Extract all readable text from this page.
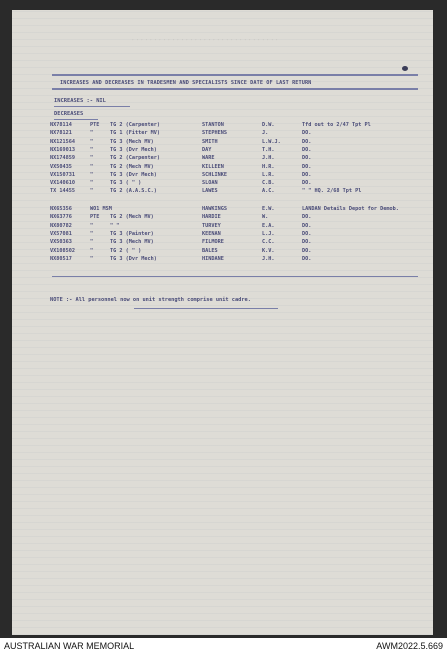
· · · · · · · · · · · · · · · · · · · · · · · · · · · · · · · · ·
INCREASES AND DECREASES IN TRADESMEN AND SPECIALISTS SINCE DATE OF LAST RETURN
INCREASES :- NIL
DECREASES
NX78114	PTE TG 2 (Carpenter)	STANTON	D.W.	Tfd out to 2/47 Tpt Pl
NX78121	"	TG 1 (Fitter MV)	STEPHENS	J.	DO.
NX121564	"	TG 3 (Mech MV)	SMITH	L.W.J.	DO.
NX169013	"	TG 3 (Dvr Mech)	DAY	T.H.	DO.
NX174859	"	TG 2 (Carpenter)	WARE	J.H.	DO.
VX50435	"	TG 2 (Mech MV)	KILLEEN	H.R.	DO.
VX150731	"	TG 3 (Dvr Mech)	SCHLINKE	L.R.	DO.
VX140610	"	TG 3 ( " )	SLOAN	C.B.	DO.
TX 14455	"	TG 2 (A.A.S.C.)	LAWES	A.C.	" " HQ. 2/68 Tpt Pl
NX65356	WO1 MSM	HAWKINGS	E.W.	LANDAN Details Depot for Demob.
NX63776	PTE TG 2 (Mech MV)	HARDIE	W.	DO.
NX80782	"	" "	TURVEY	E.A.	DO.
VX57081	"	TG 3 (Painter)	KEENAN	L.J.	DO.
VX50363	"	TG 3 (Mech MV)	FILMORE	C.C.	DO.
VX108502	"	TG 2 ( " )	BALES	K.V.	DO.
NX80517	"	TG 3 (Dvr Mech)	HINDANE	J.H.	DO.
NOTE :- All personnel now on unit strength comprise unit cadre.
AUSTRALIAN WAR MEMORIAL	AWM2022.5.669
